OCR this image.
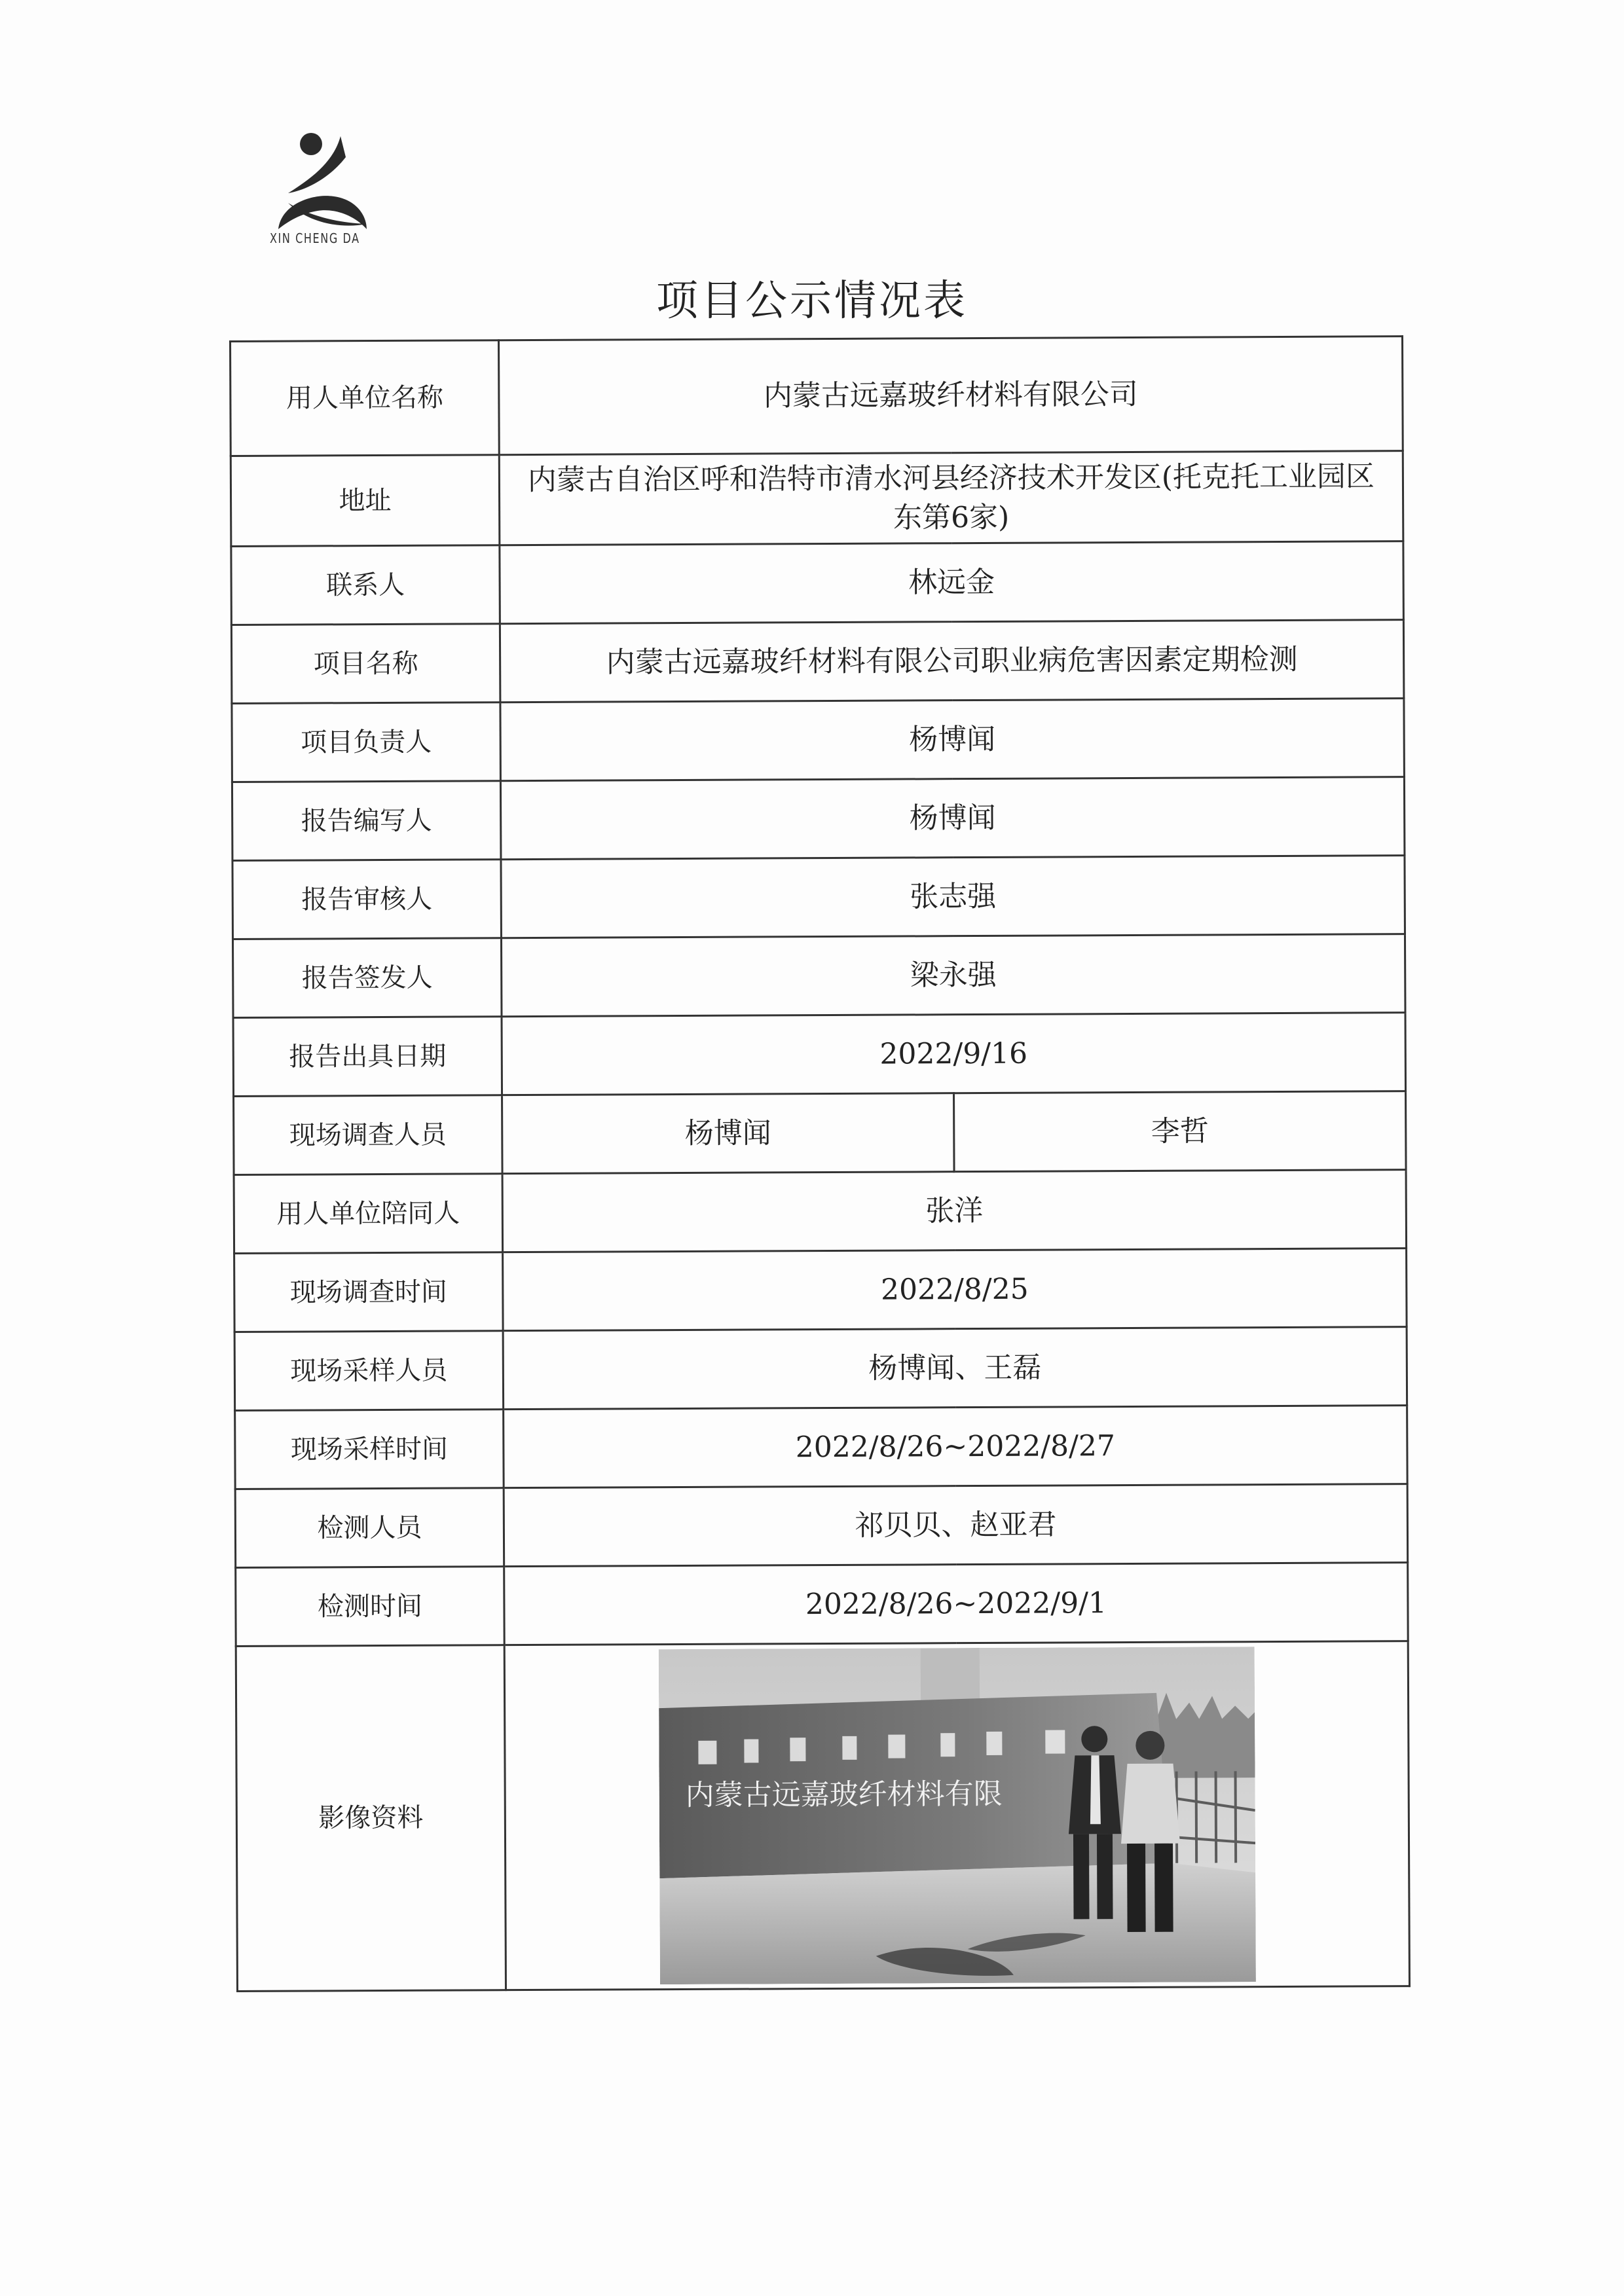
XIN CHENG DA
项目公示情况表
用人单位名称	内蒙古远嘉玻纤材料有限公司	
地址	内蒙古自治区呼和浩特市清水河县经济技术开发区(托克托工业园区东第6家)	
联系人	林远金	
项目名称	内蒙古远嘉玻纤材料有限公司职业病危害因素定期检测	
项目负责人	杨博闻	
报告编写人	杨博闻	
报告审核人	张志强	
报告签发人	梁永强	
报告出具日期	2022/9/16	
现场调查人员	杨博闻	李哲
用人单位陪同人	张洋	
现场调查时间	2022/8/25	
现场采样人员	杨博闻、王磊	
现场采样时间	2022/8/26~2022/8/27	
检测人员	祁贝贝、赵亚君	
检测时间	2022/8/26~2022/9/1	
影像资料	内蒙古远嘉玻纤材料有限	
